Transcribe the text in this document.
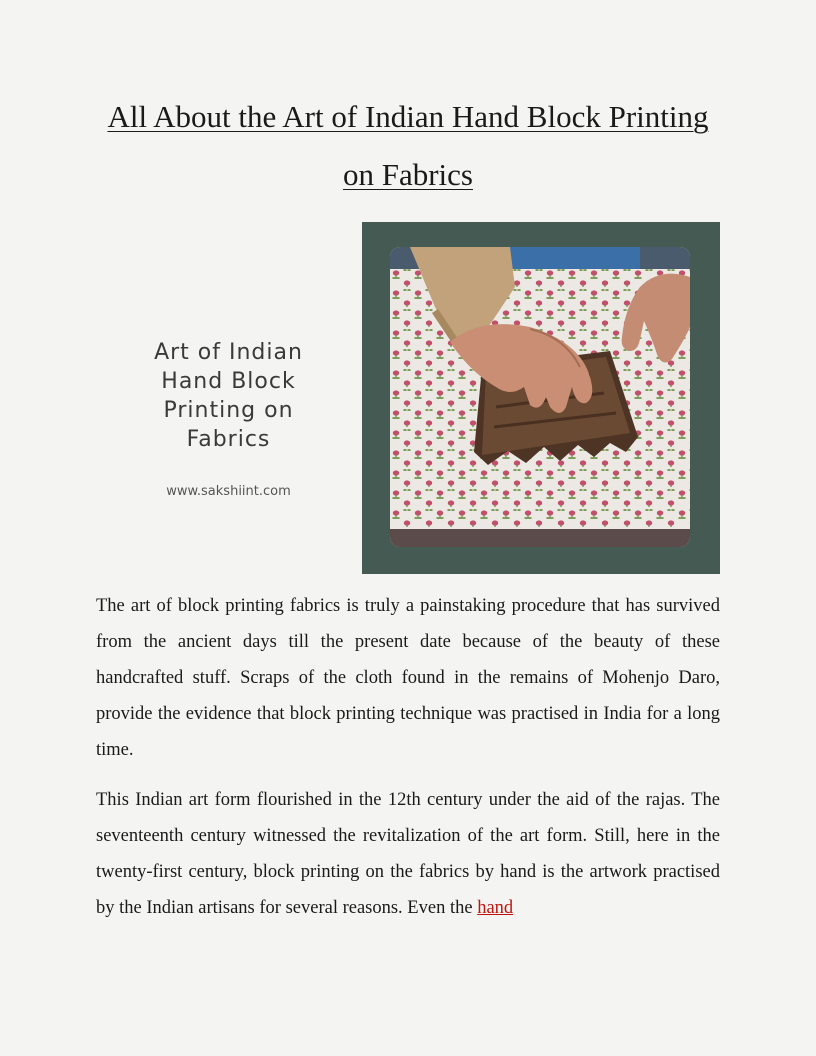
All About the Art of Indian Hand Block Printing on Fabrics
Art of Indian
Hand Block
Printing on
Fabrics
www.sakshiint.com

The art of block printing fabrics is truly a painstaking procedure that has survived from the ancient days till the present date because of the beauty of these handcrafted stuff. Scraps of the cloth found in the remains of Mohenjo Daro, provide the evidence that block printing technique was practised in India for a long time.

This Indian art form flourished in the 12th century under the aid of the rajas. The seventeenth century witnessed the revitalization of the art form. Still, here in the twenty-first century, block printing on the fabrics by hand is the artwork practised by the Indian artisans for several reasons. Even the hand
